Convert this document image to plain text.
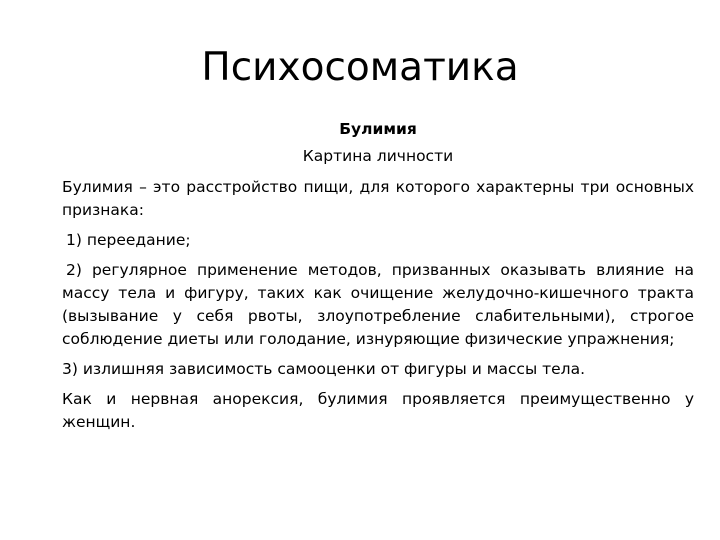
Психосоматика

Булимия

Картина личности

Булимия – это расстройство пищи, для которого характерны три основных признака:

1) переедание;

2) регулярное применение методов, призванных оказывать влияние на массу тела и фигуру, таких как очищение желудочно-кишечного тракта (вызывание у себя рвоты, злоупотребление слабительными), строгое соблюдение диеты или голодание, изнуряющие физические упражнения;

3) излишняя зависимость самооценки от фигуры и массы тела.

Как и нервная анорексия, булимия проявляется преимущественно у женщин.
